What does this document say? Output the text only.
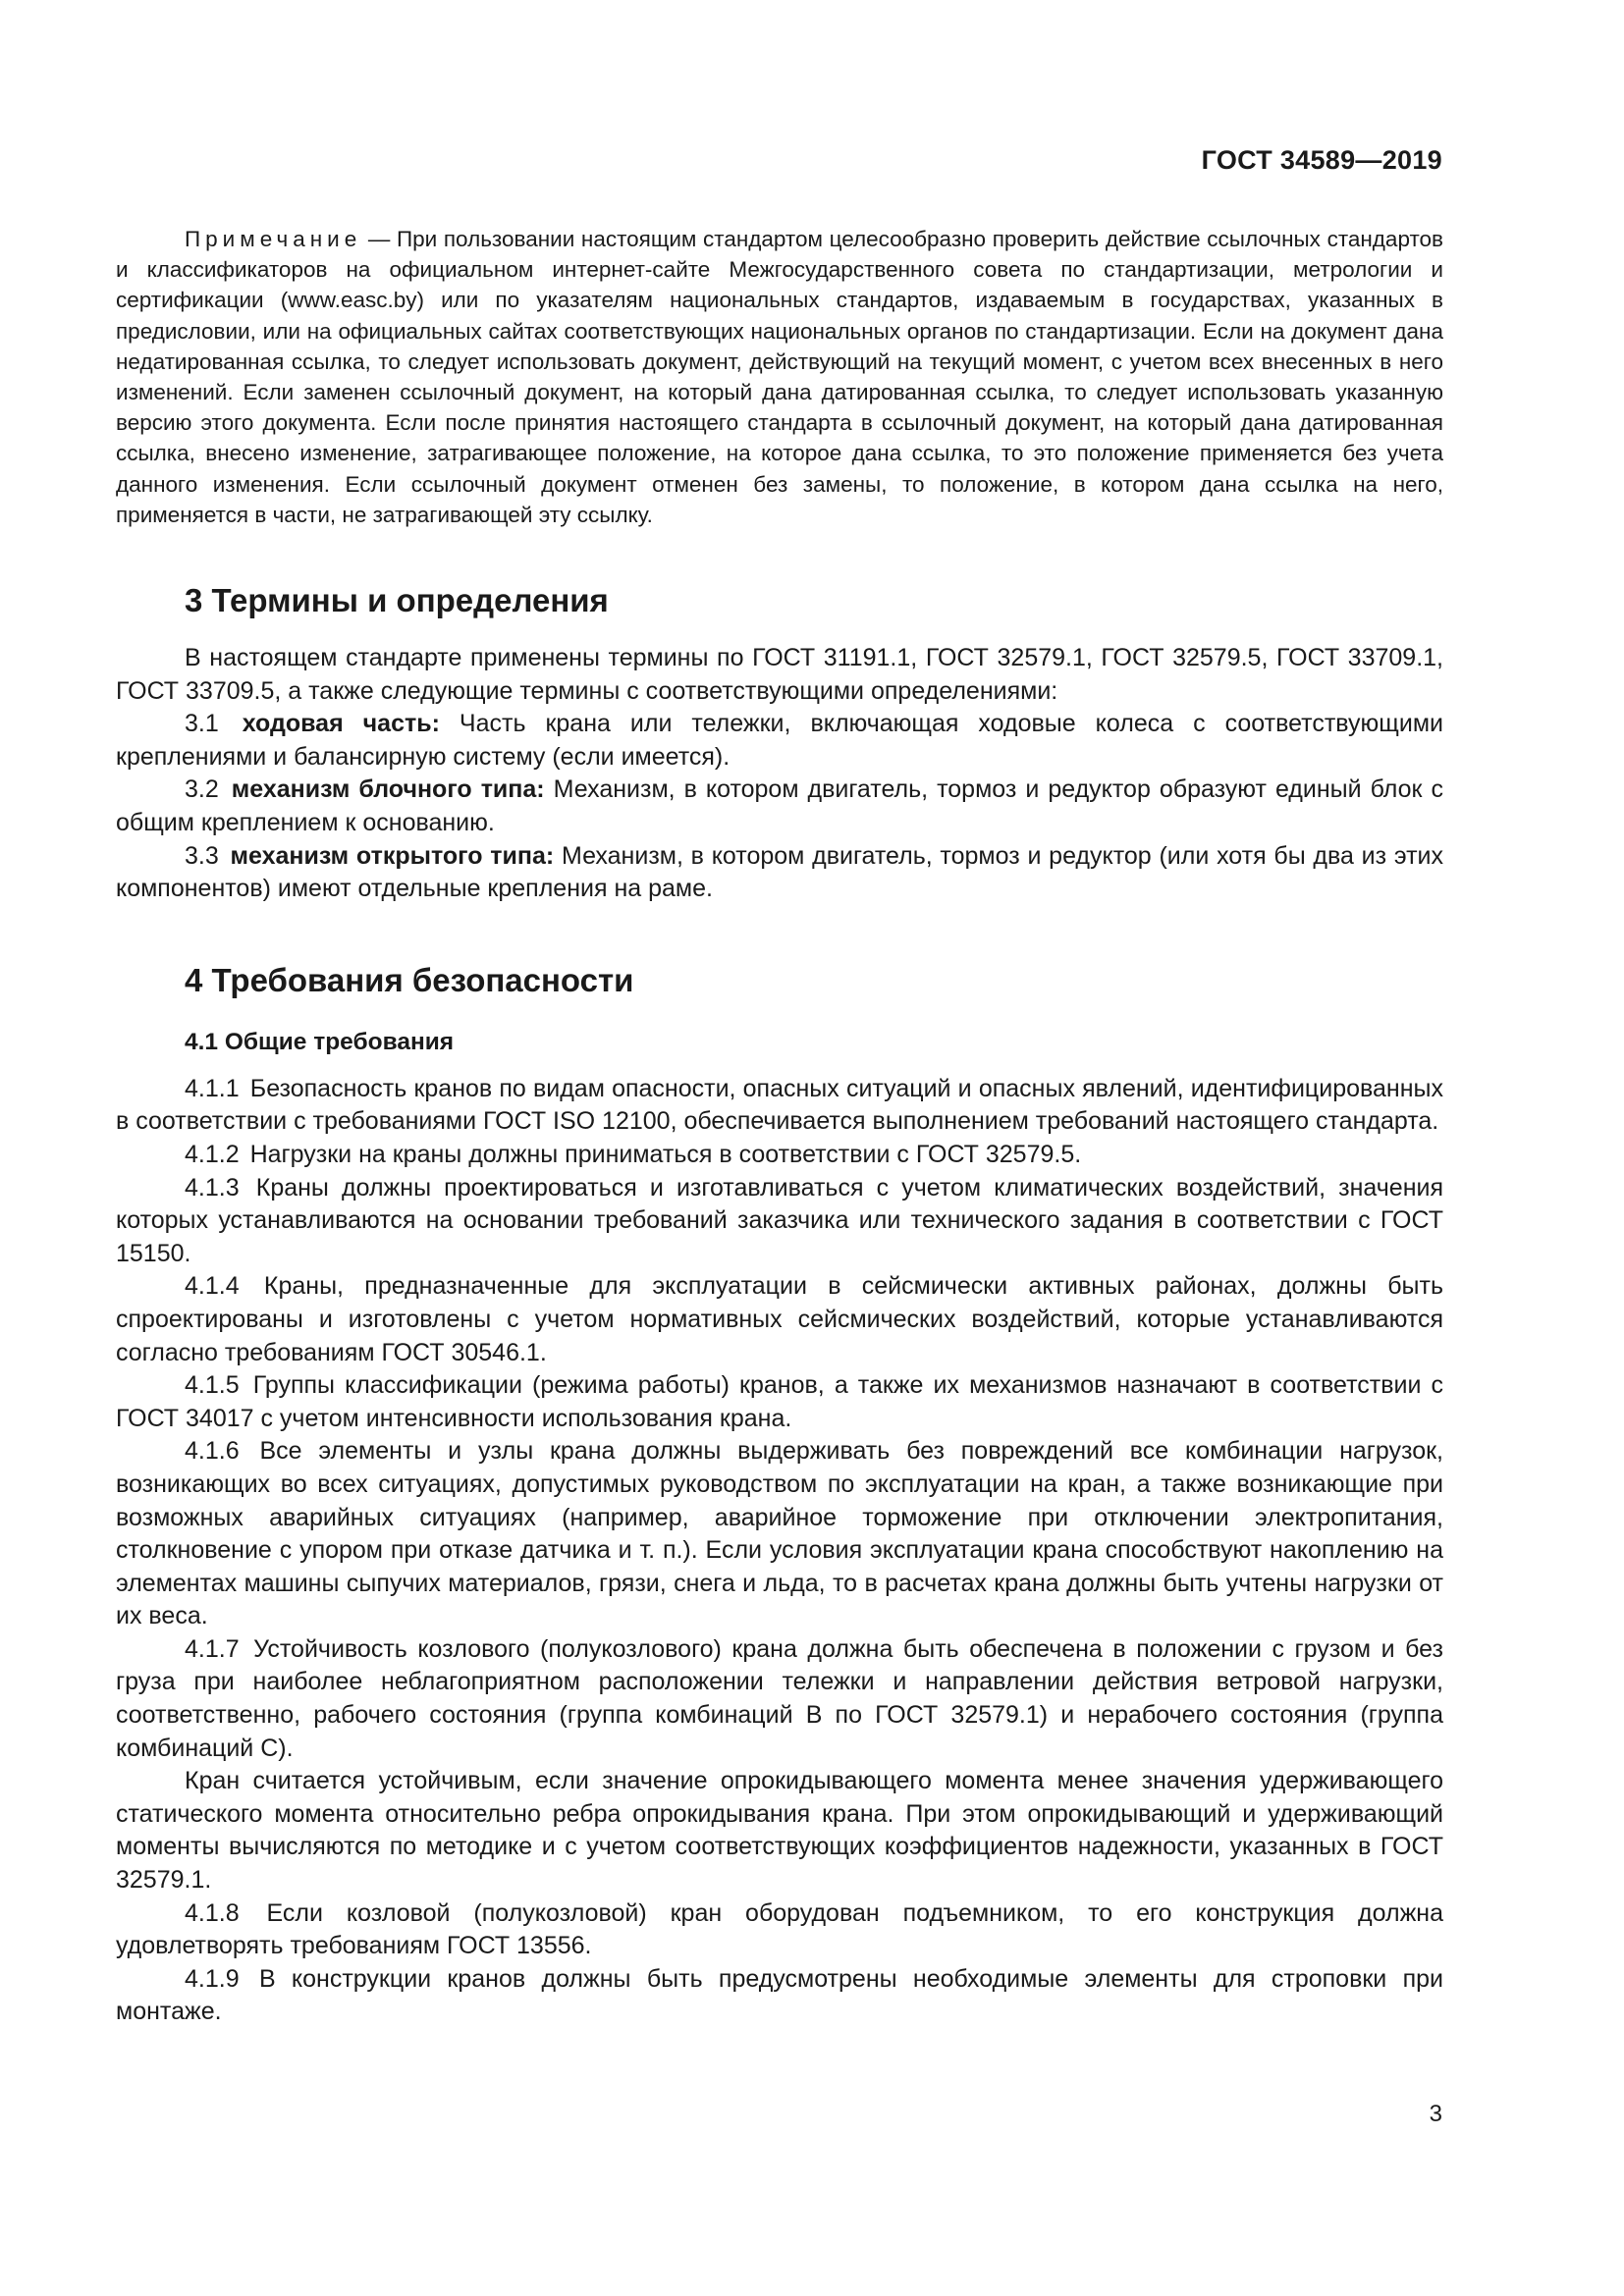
ГОСТ 34589—2019

Примечание — При пользовании настоящим стандартом целесообразно проверить действие ссылочных стандартов и классификаторов на официальном интернет-сайте Межгосударственного совета по стандартизации, метрологии и сертификации (www.easc.by) или по указателям национальных стандартов, издаваемым в государствах, указанных в предисловии, или на официальных сайтах соответствующих национальных органов по стандартизации. Если на документ дана недатированная ссылка, то следует использовать документ, действующий на текущий момент, с учетом всех внесенных в него изменений. Если заменен ссылочный документ, на который дана датированная ссылка, то следует использовать указанную версию этого документа. Если после принятия настоящего стандарта в ссылочный документ, на который дана датированная ссылка, внесено изменение, затрагивающее положение, на которое дана ссылка, то это положение применяется без учета данного изменения. Если ссылочный документ отменен без замены, то положение, в котором дана ссылка на него, применяется в части, не затрагивающей эту ссылку.

3 Термины и определения

В настоящем стандарте применены термины по ГОСТ 31191.1, ГОСТ 32579.1, ГОСТ 32579.5, ГОСТ 33709.1, ГОСТ 33709.5, а также следующие термины с соответствующими определениями:

3.1 ходовая часть: Часть крана или тележки, включающая ходовые колеса с соответствующими креплениями и балансирную систему (если имеется).

3.2 механизм блочного типа: Механизм, в котором двигатель, тормоз и редуктор образуют единый блок с общим креплением к основанию.

3.3 механизм открытого типа: Механизм, в котором двигатель, тормоз и редуктор (или хотя бы два из этих компонентов) имеют отдельные крепления на раме.

4 Требования безопасности
4.1 Общие требования

4.1.1 Безопасность кранов по видам опасности, опасных ситуаций и опасных явлений, идентифицированных в соответствии с требованиями ГОСТ ISO 12100, обеспечивается выполнением требований настоящего стандарта.

4.1.2 Нагрузки на краны должны приниматься в соответствии с ГОСТ 32579.5.

4.1.3 Краны должны проектироваться и изготавливаться с учетом климатических воздействий, значения которых устанавливаются на основании требований заказчика или технического задания в соответствии с ГОСТ 15150.

4.1.4 Краны, предназначенные для эксплуатации в сейсмически активных районах, должны быть спроектированы и изготовлены с учетом нормативных сейсмических воздействий, которые устанавливаются согласно требованиям ГОСТ 30546.1.

4.1.5 Группы классификации (режима работы) кранов, а также их механизмов назначают в соответствии с ГОСТ 34017 с учетом интенсивности использования крана.

4.1.6 Все элементы и узлы крана должны выдерживать без повреждений все комбинации нагрузок, возникающих во всех ситуациях, допустимых руководством по эксплуатации на кран, а также возникающие при возможных аварийных ситуациях (например, аварийное торможение при отключении электропитания, столкновение с упором при отказе датчика и т. п.). Если условия эксплуатации крана способствуют накоплению на элементах машины сыпучих материалов, грязи, снега и льда, то в расчетах крана должны быть учтены нагрузки от их веса.

4.1.7 Устойчивость козлового (полукозлового) крана должна быть обеспечена в положении с грузом и без груза при наиболее неблагоприятном расположении тележки и направлении действия ветровой нагрузки, соответственно, рабочего состояния (группа комбинаций В по ГОСТ 32579.1) и нерабочего состояния (группа комбинаций С).

Кран считается устойчивым, если значение опрокидывающего момента менее значения удерживающего статического момента относительно ребра опрокидывания крана. При этом опрокидывающий и удерживающий моменты вычисляются по методике и с учетом соответствующих коэффициентов надежности, указанных в ГОСТ 32579.1.

4.1.8 Если козловой (полукозловой) кран оборудован подъемником, то его конструкция должна удовлетворять требованиям ГОСТ 13556.

4.1.9 В конструкции кранов должны быть предусмотрены необходимые элементы для строповки при монтаже.

3
